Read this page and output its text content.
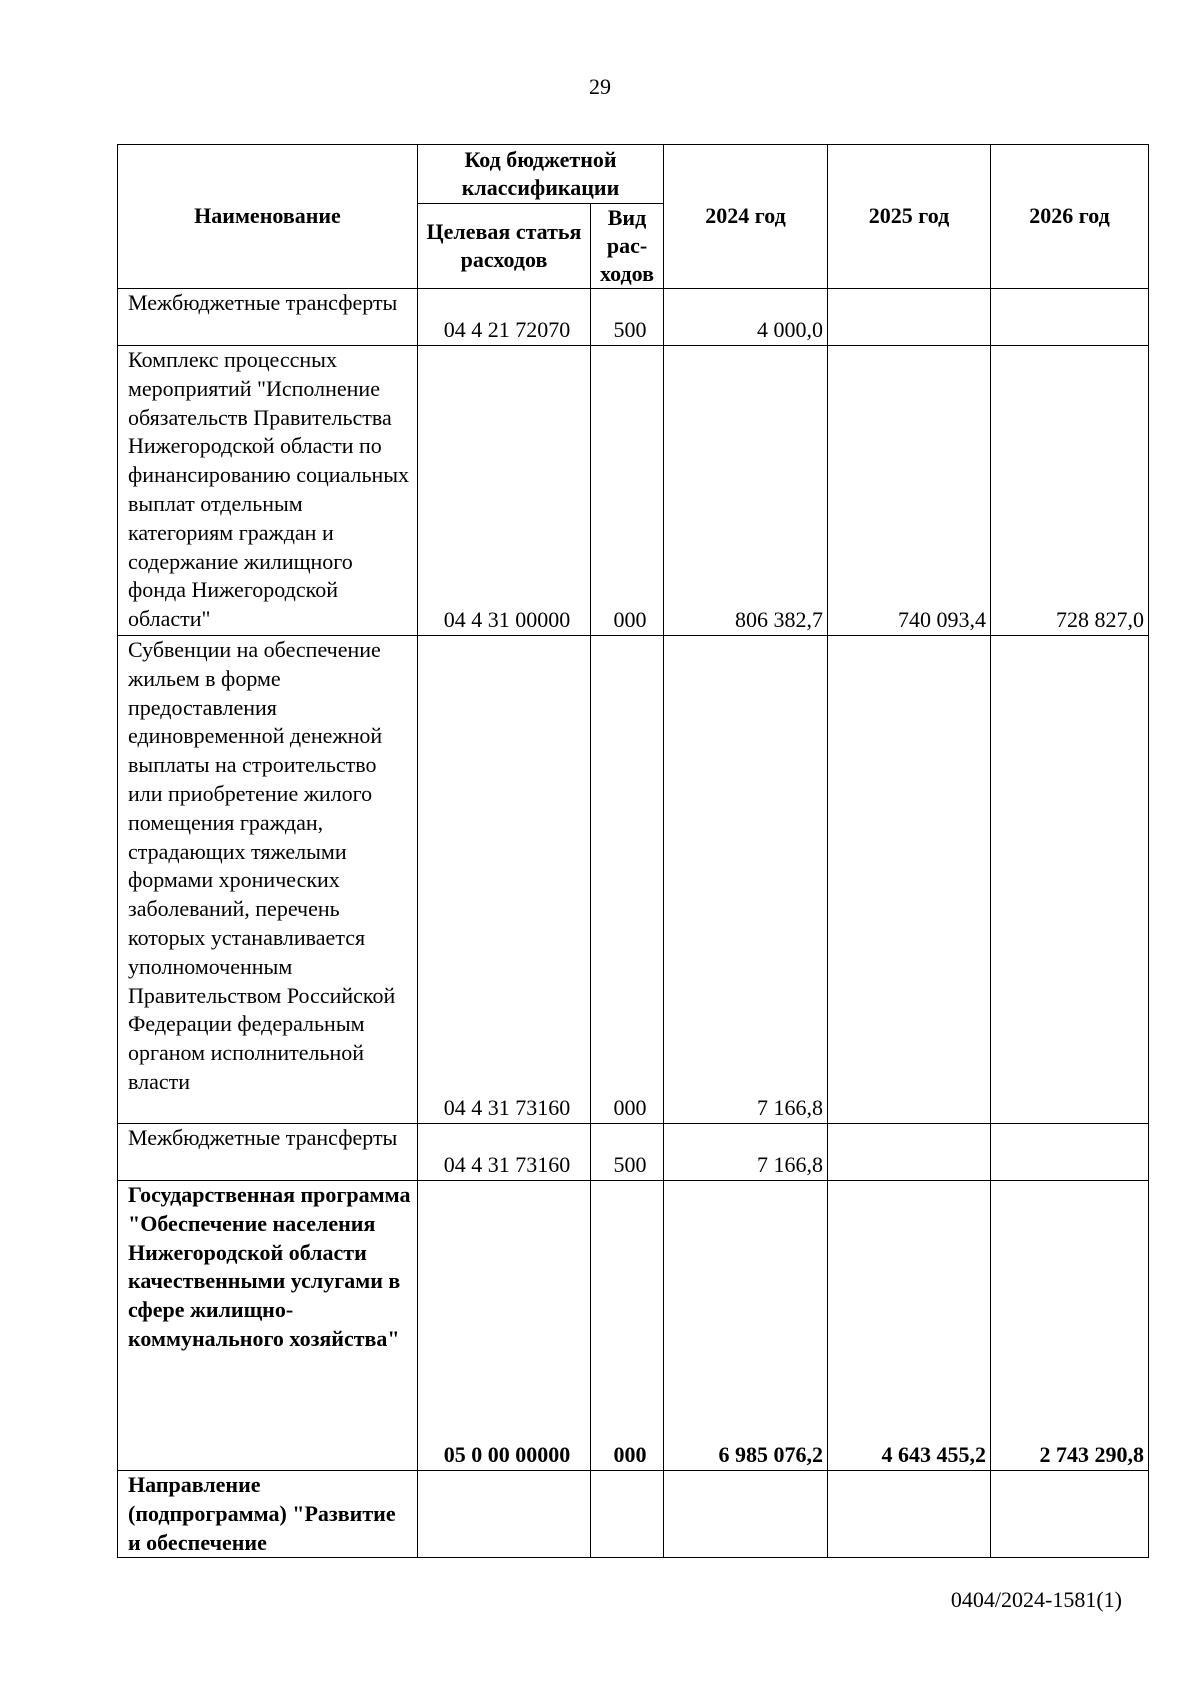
29
Наименование	Код бюджетной классификации		2024 год	2025 год	2026 год
	Целевая статья расходов	Вид рас- ходов			
Межбюджетные трансферты	04 4 21 72070	500	4 000,0		
Комплекс процессных мероприятий "Исполнение обязательств Правительства Нижегородской области по финансированию социальных выплат отдельным категориям граждан и содержание жилищного фонда Нижегородской области"	04 4 31 00000	000	806 382,7	740 093,4	728 827,0
Субвенции на обеспечение жильем в форме предоставления единовременной денежной выплаты на строительство или приобретение жилого помещения граждан, страдающих тяжелыми формами хронических заболеваний, перечень которых устанавливается уполномоченным Правительством Российской Федерации федеральным органом исполнительной власти	04 4 31 73160	000	7 166,8		
Межбюджетные трансферты	04 4 31 73160	500	7 166,8		
Государственная программа "Обеспечение населения Нижегородской области качественными услугами в сфере жилищно-коммунального хозяйства"	05 0 00 00000	000	6 985 076,2	4 643 455,2	2 743 290,8
Направление (подпрограмма) "Развитие и обеспечение					
0404/2024-1581(1)
